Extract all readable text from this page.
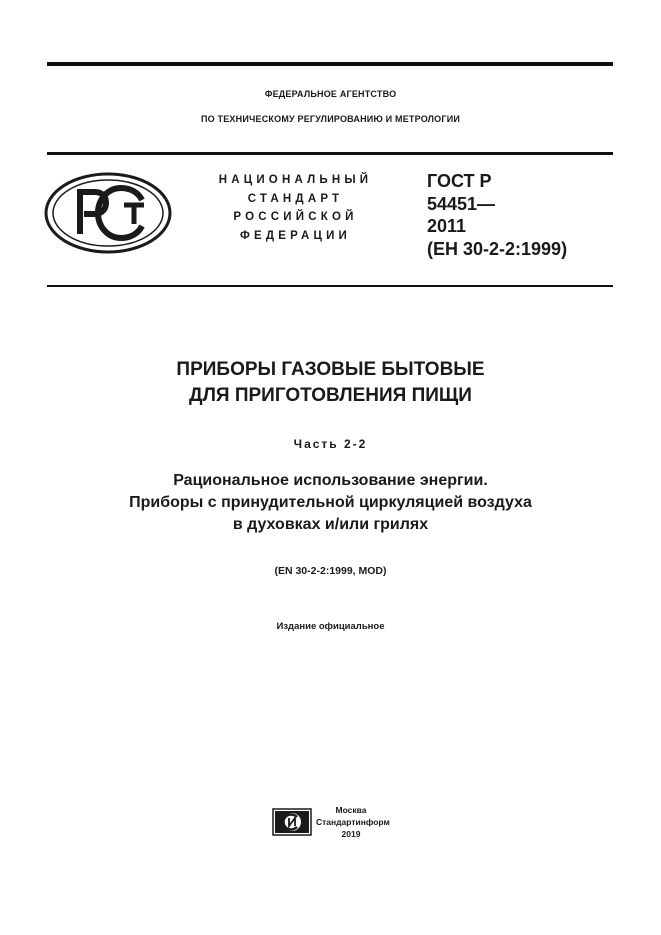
ФЕДЕРАЛЬНОЕ АГЕНТСТВО
ПО ТЕХНИЧЕСКОМУ РЕГУЛИРОВАНИЮ И МЕТРОЛОГИИ
НАЦИОНАЛЬНЫЙ
СТАНДАРТ
РОССИЙСКОЙ
ФЕДЕРАЦИИ
ГОСТ Р
54451—
2011
(ЕН 30-2-2:1999)
ПРИБОРЫ ГАЗОВЫЕ БЫТОВЫЕ
ДЛЯ ПРИГОТОВЛЕНИЯ ПИЩИ
Часть 2-2
Рациональное использование энергии.
Приборы с принудительной циркуляцией воздуха
в духовках и/или грилях
(EN 30-2-2:1999, MOD)
Издание официальное
Москва
Стандартинформ
2019
